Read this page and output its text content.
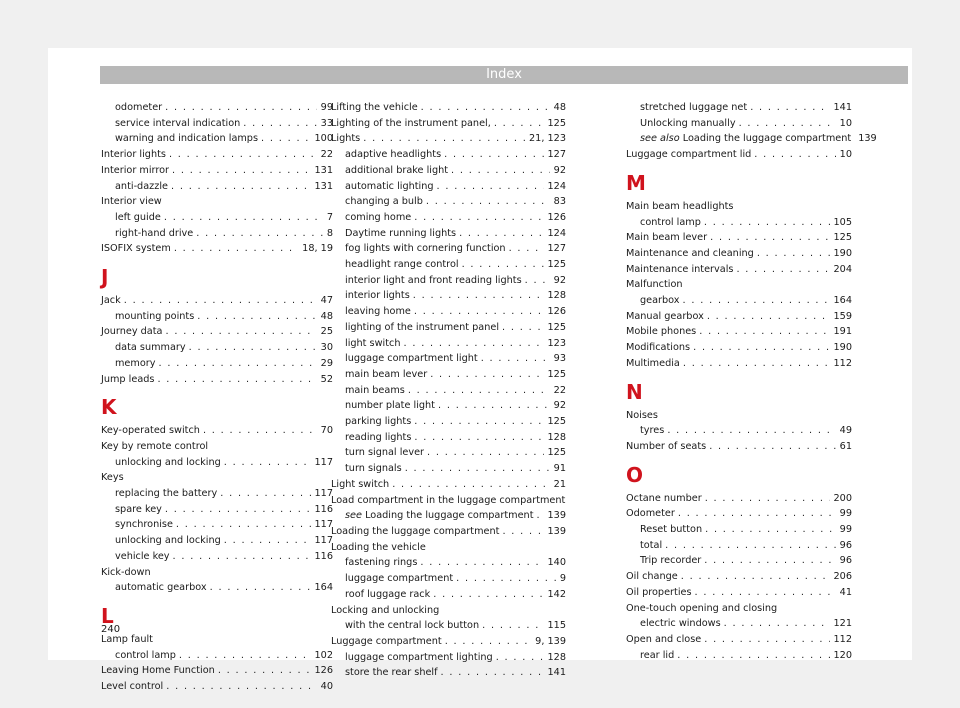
Index
odometer . . .	99
service interval indication . . .	33
warning and indication lamps . . .	100
Interior lights . . .	22
Interior mirror . . .	131
anti-dazzle . . .	131
Interior view
left guide . . .	7
right-hand drive . . .	8
ISOFIX system . . .	18, 19
J
Jack . . .	47
mounting points . . .	48
Journey data . . .	25
data summary . . .	30
memory . . .	29
Jump leads . . .	52
K
Key-operated switch . . .	70
Key by remote control
unlocking and locking . . .	117
Keys
replacing the battery . . .	117
spare key . . .	116
synchronise . . .	117
unlocking and locking . . .	117
vehicle key . . .	116
Kick-down
automatic gearbox . . .	164
L
Lamp fault
control lamp . . .	102
Leaving Home Function . . .	126
Level control . . .	40
Lifting the vehicle . . .	48
Lighting of the instrument panel, . . .	125
Lights . . .	21, 123
adaptive headlights . . .	127
additional brake light . . .	92
automatic lighting . . .	124
changing a bulb . . .	83
coming home . . .	126
Daytime running lights . . .	124
fog lights with cornering function . . .	127
headlight range control . . .	125
interior light and front reading lights . . .	92
interior lights . . .	128
leaving home . . .	126
lighting of the instrument panel . . .	125
light switch . . .	123
luggage compartment light . . .	93
main beam lever . . .	125
main beams . . .	22
number plate light . . .	92
parking lights . . .	125
reading lights . . .	128
turn signal lever . . .	125
turn signals . . .	91
Light switch . . .	21
Load compartment in the luggage compartment
see Loading the luggage compartment . . .	139
Loading the luggage compartment . . .	139
Loading the vehicle
fastening rings . . .	140
luggage compartment . . .	9
roof luggage rack . . .	142
Locking and unlocking
with the central lock button . . .	115
Luggage compartment . . .	9, 139
luggage compartment lighting . . .	128
store the rear shelf . . .	141
stretched luggage net . . .	141
Unlocking manually . . .	10
see also Loading the luggage compartment . . . 139
Luggage compartment lid . . .	10
M
Main beam headlights
control lamp . . .	105
Main beam lever . . .	125
Maintenance and cleaning . . .	190
Maintenance intervals . . .	204
Malfunction
gearbox . . .	164
Manual gearbox . . .	159
Mobile phones . . .	191
Modifications . . .	190
Multimedia . . .	112
N
Noises
tyres . . .	49
Number of seats . . .	61
O
Octane number . . .	200
Odometer . . .	99
Reset button . . .	99
total . . .	96
Trip recorder . . .	96
Oil change . . .	206
Oil properties . . .	41
One-touch opening and closing
electric windows . . .	121
Open and close . . .	112
rear lid . . .	120
240
